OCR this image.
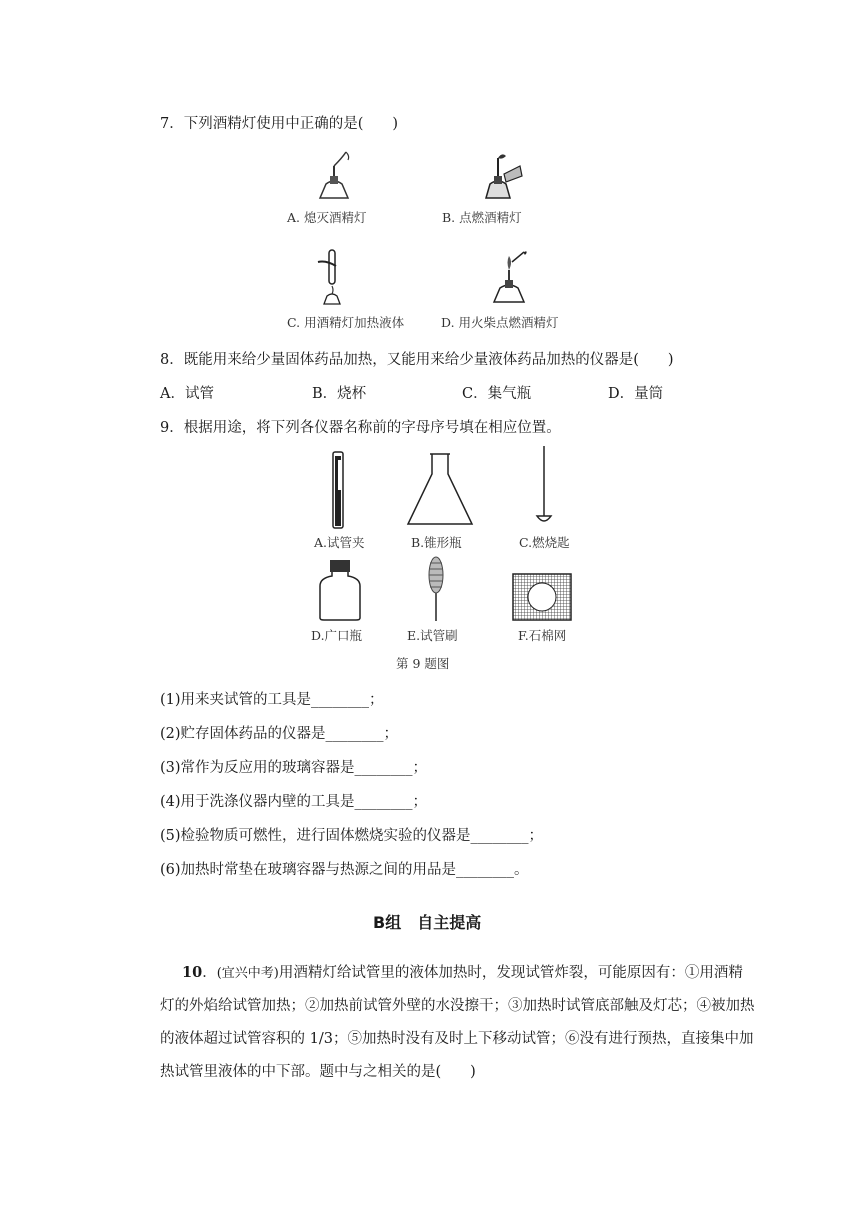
7．下列酒精灯使用中正确的是(　　)
A. 熄灭酒精灯	B. 点燃酒精灯
C. 用酒精灯加热液体	D. 用火柴点燃酒精灯
8．既能用来给少量固体药品加热，又能用来给少量液体药品加热的仪器是(　　)
A．试管	B．烧杯	C．集气瓶	D．量筒
9．根据用途，将下列各仪器名称前的字母序号填在相应位置。
A.试管夹	B.锥形瓶	C.燃烧匙
D.广口瓶	E.试管刷	F.石棉网
第 9 题图
(1)用来夹试管的工具是________；
(2)贮存固体药品的仪器是________；
(3)常作为反应用的玻璃容器是________；
(4)用于洗涤仪器内壁的工具是________；
(5)检验物质可燃性，进行固体燃烧实验的仪器是________；
(6)加热时常垫在玻璃容器与热源之间的用品是________。
B组　自主提高
10．(宜兴中考)用酒精灯给试管里的液体加热时，发现试管炸裂，可能原因有：①用酒精灯的外焰给试管加热；②加热前试管外壁的水没擦干；③加热时试管底部触及灯芯；④被加热的液体超过试管容积的 1/3；⑤加热时没有及时上下移动试管；⑥没有进行预热，直接集中加热试管里液体的中下部。题中与之相关的是(　　)
